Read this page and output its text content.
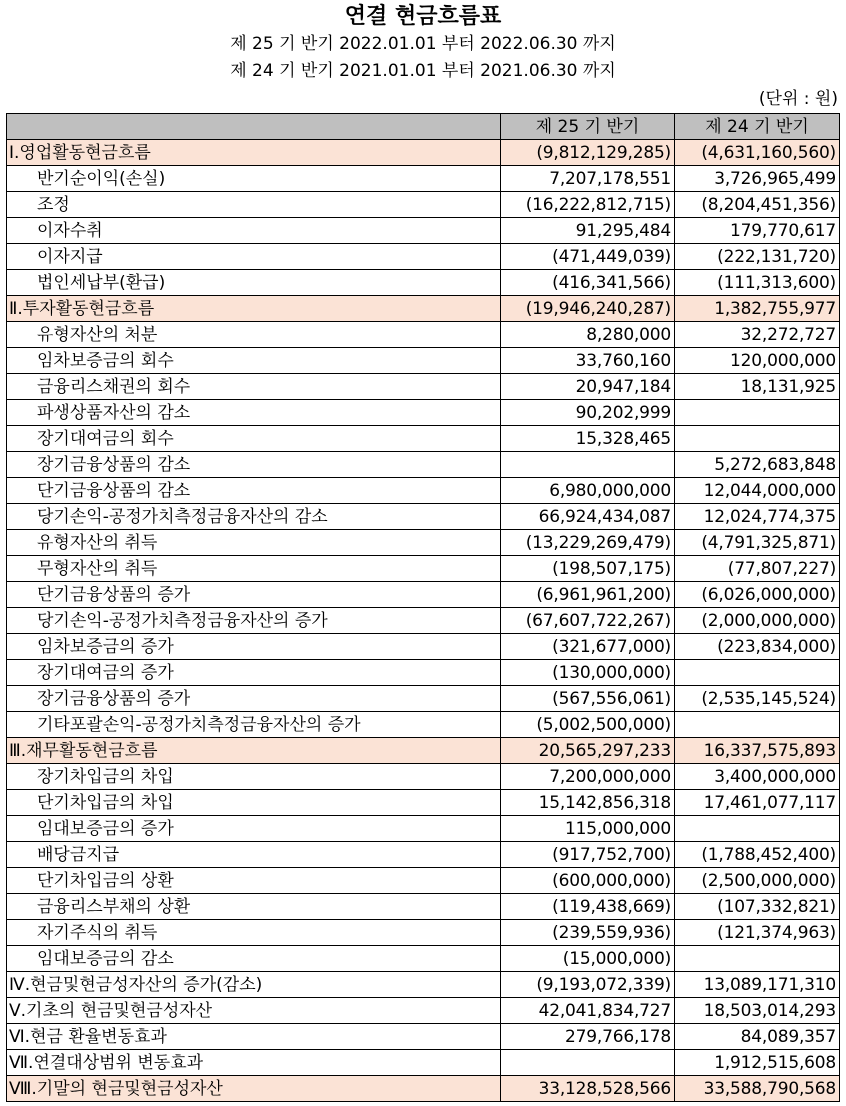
연결 현금흐름표
제 25 기 반기 2022.01.01 부터 2022.06.30 까지
제 24 기 반기 2021.01.01 부터 2021.06.30 까지
(단위 : 원)
	제 25 기 반기	제 24 기 반기
Ⅰ.영업활동현금흐름	(9,812,129,285)	(4,631,160,560)
반기순이익(손실)	7,207,178,551	3,726,965,499
조정	(16,222,812,715)	(8,204,451,356)
이자수취	91,295,484	179,770,617
이자지급	(471,449,039)	(222,131,720)
법인세납부(환급)	(416,341,566)	(111,313,600)
Ⅱ.투자활동현금흐름	(19,946,240,287)	1,382,755,977
유형자산의 처분	8,280,000	32,272,727
임차보증금의 회수	33,760,160	120,000,000
금융리스채권의 회수	20,947,184	18,131,925
파생상품자산의 감소	90,202,999	
장기대여금의 회수	15,328,465	
장기금융상품의 감소		5,272,683,848
단기금융상품의 감소	6,980,000,000	12,044,000,000
당기손익-공정가치측정금융자산의 감소	66,924,434,087	12,024,774,375
유형자산의 취득	(13,229,269,479)	(4,791,325,871)
무형자산의 취득	(198,507,175)	(77,807,227)
단기금융상품의 증가	(6,961,961,200)	(6,026,000,000)
당기손익-공정가치측정금융자산의 증가	(67,607,722,267)	(2,000,000,000)
임차보증금의 증가	(321,677,000)	(223,834,000)
장기대여금의 증가	(130,000,000)	
장기금융상품의 증가	(567,556,061)	(2,535,145,524)
기타포괄손익-공정가치측정금융자산의 증가	(5,002,500,000)	
Ⅲ.재무활동현금흐름	20,565,297,233	16,337,575,893
장기차입금의 차입	7,200,000,000	3,400,000,000
단기차입금의 차입	15,142,856,318	17,461,077,117
임대보증금의 증가	115,000,000	
배당금지급	(917,752,700)	(1,788,452,400)
단기차입금의 상환	(600,000,000)	(2,500,000,000)
금융리스부채의 상환	(119,438,669)	(107,332,821)
자기주식의 취득	(239,559,936)	(121,374,963)
임대보증금의 감소	(15,000,000)	
Ⅳ.현금및현금성자산의 증가(감소)	(9,193,072,339)	13,089,171,310
Ⅴ.기초의 현금및현금성자산	42,041,834,727	18,503,014,293
Ⅵ.현금 환율변동효과	279,766,178	84,089,357
Ⅶ.연결대상범위 변동효과		1,912,515,608
Ⅷ.기말의 현금및현금성자산	33,128,528,566	33,588,790,568
